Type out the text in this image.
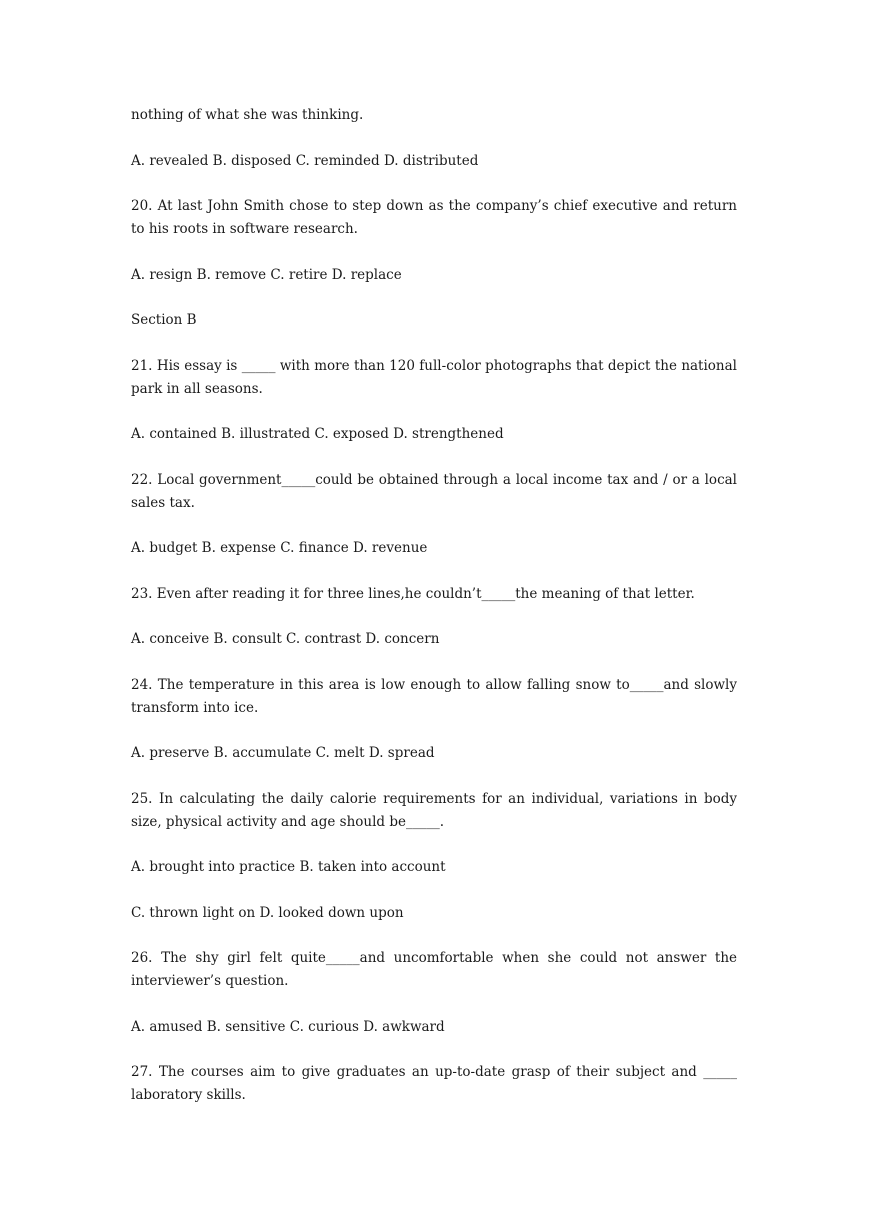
nothing of what she was thinking.

A. revealed B. disposed C. reminded D. distributed

20. At last John Smith chose to step down as the company’s chief executive and return to his roots in software research.

A. resign B. remove C. retire D. replace

Section B

21. His essay is _____ with more than 120 full-color photographs that depict the national park in all seasons.

A. contained B. illustrated C. exposed D. strengthened

22. Local government_____could be obtained through a local income tax and / or a local sales tax.

A. budget B. expense C. finance D. revenue

23. Even after reading it for three lines,he couldn’t_____the meaning of that letter.

A. conceive B. consult C. contrast D. concern

24. The temperature in this area is low enough to allow falling snow to_____and slowly transform into ice.

A. preserve B. accumulate C. melt D. spread

25. In calculating the daily calorie requirements for an individual, variations in body size, physical activity and age should be_____.

A. brought into practice B. taken into account

C. thrown light on D. looked down upon

26. The shy girl felt quite_____and uncomfortable when she could not answer the interviewer’s question.

A. amused B. sensitive C. curious D. awkward

27. The courses aim to give graduates an up-to-date grasp of their subject and _____ laboratory skills.
